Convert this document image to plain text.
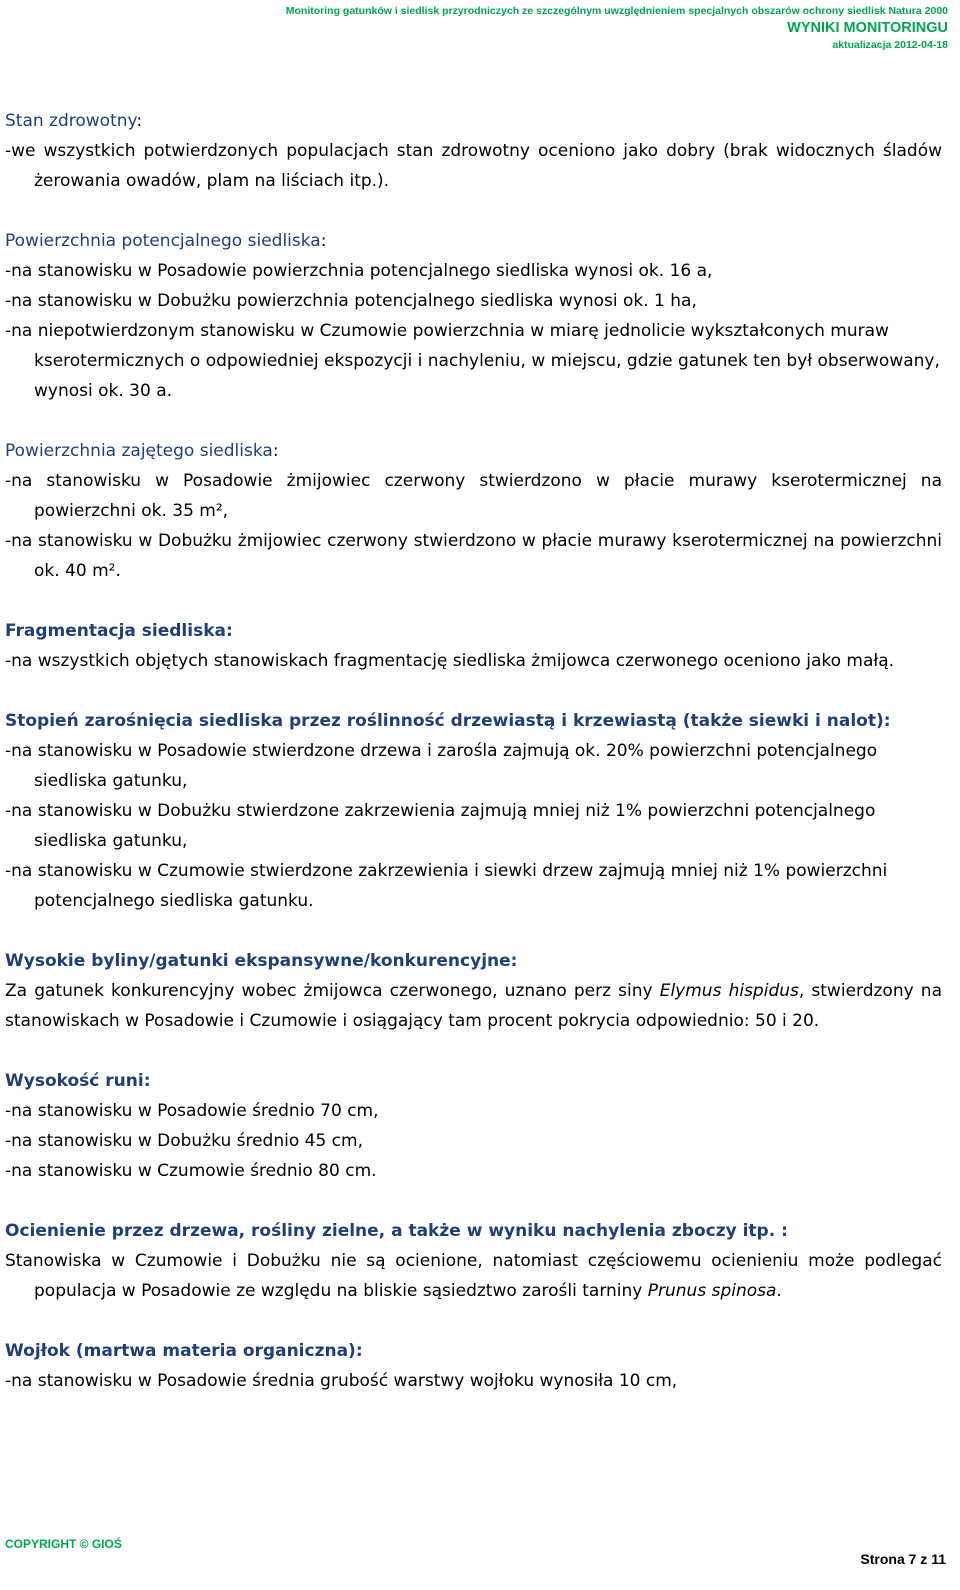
Monitoring gatunków i siedlisk przyrodniczych ze szczególnym uwzględnieniem specjalnych obszarów ochrony siedlisk Natura 2000
WYNIKI MONITORINGU
aktualizacja 2012-04-18
Stan zdrowotny:
-we wszystkich potwierdzonych populacjach stan zdrowotny oceniono jako dobry (brak widocznych śladów żerowania owadów, plam na liściach itp.).
Powierzchnia potencjalnego siedliska:
-na stanowisku w Posadowie powierzchnia potencjalnego siedliska wynosi ok. 16 a,
-na stanowisku w Dobużku powierzchnia potencjalnego siedliska wynosi ok. 1 ha,
-na niepotwierdzonym stanowisku w Czumowie powierzchnia w miarę jednolicie wykształconych muraw kserotermicznych o odpowiedniej ekspozycji i nachyleniu, w miejscu, gdzie gatunek ten był obserwowany, wynosi ok. 30 a.
Powierzchnia zajętego siedliska:
-na stanowisku w Posadowie żmijowiec czerwony stwierdzono w płacie murawy kserotermicznej na powierzchni ok. 35 m²,
-na stanowisku w Dobużku żmijowiec czerwony stwierdzono w płacie murawy kserotermicznej na powierzchni ok. 40 m².
Fragmentacja siedliska:
-na wszystkich objętych stanowiskach fragmentację siedliska żmijowca czerwonego oceniono jako małą.
Stopień zarośnięcia siedliska przez roślinność drzewiastą i krzewiastą (także siewki i nalot):
-na stanowisku w Posadowie stwierdzone drzewa i zarośla zajmują ok. 20% powierzchni potencjalnego siedliska gatunku,
-na stanowisku w Dobużku stwierdzone zakrzewienia zajmują mniej niż 1% powierzchni potencjalnego siedliska gatunku,
-na stanowisku w Czumowie stwierdzone zakrzewienia i siewki drzew zajmują mniej niż 1% powierzchni potencjalnego siedliska gatunku.
Wysokie byliny/gatunki ekspansywne/konkurencyjne:
Za gatunek konkurencyjny wobec żmijowca czerwonego, uznano perz siny Elymus hispidus, stwierdzony na stanowiskach w Posadowie i Czumowie i osiągający tam procent pokrycia odpowiednio: 50 i 20.
Wysokość runi:
-na stanowisku w Posadowie średnio 70 cm,
-na stanowisku w Dobużku średnio 45 cm,
-na stanowisku w Czumowie średnio 80 cm.
Ocienienie przez drzewa, rośliny zielne, a także w wyniku nachylenia zboczy itp. :
Stanowiska w Czumowie i Dobużku nie są ocienione, natomiast częściowemu ocienieniu może podlegać populacja w Posadowie ze względu na bliskie sąsiedztwo zarośli tarniny Prunus spinosa.
Wojłok (martwa materia organiczna):
-na stanowisku w Posadowie średnia grubość warstwy wojłoku wynosiła 10 cm,
COPYRIGHT © GIOŚ
Strona 7 z 11
